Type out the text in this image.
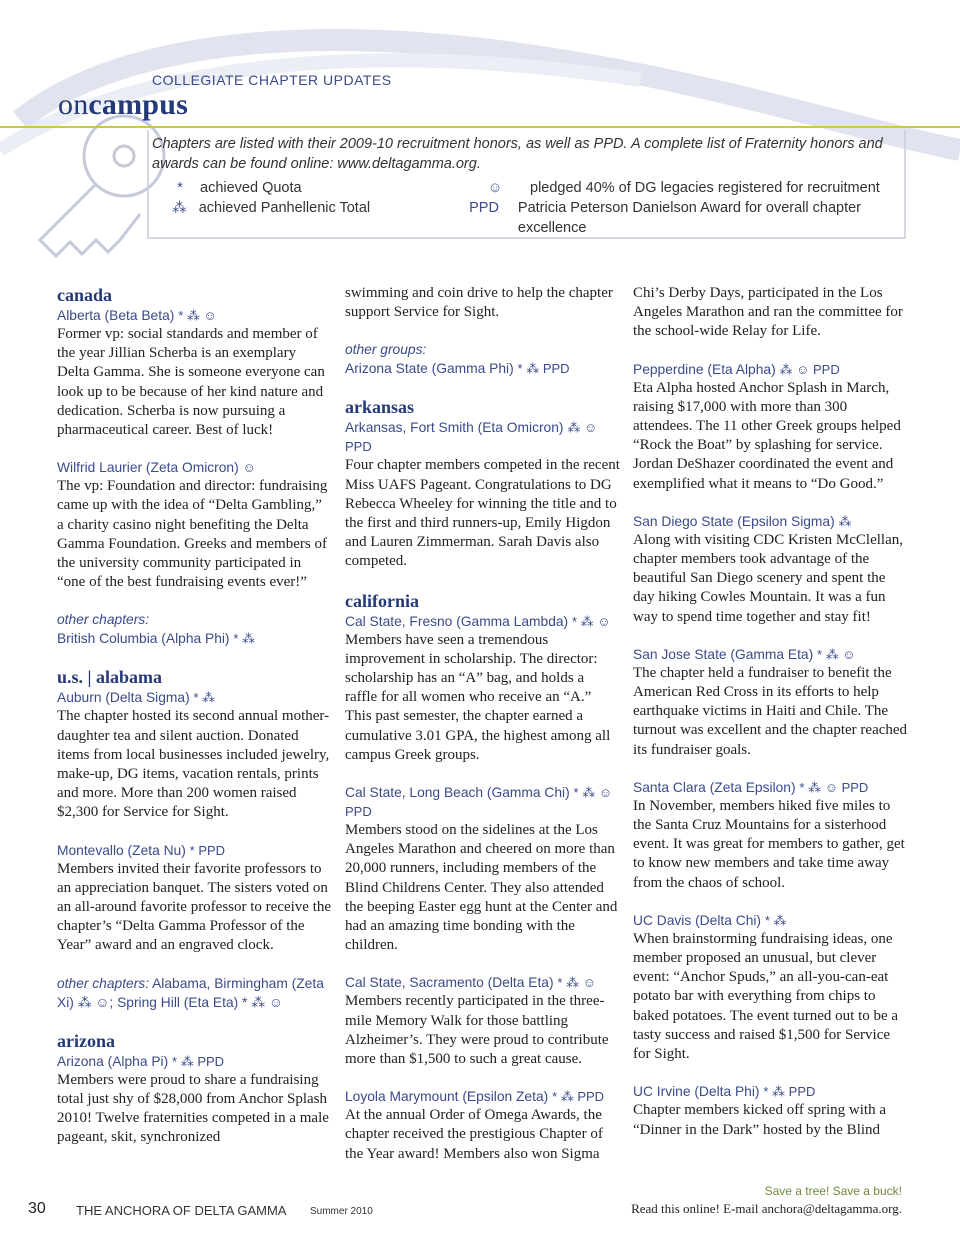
COLLEGIATE CHAPTER UPDATES
oncampus
Chapters are listed with their 2009-10 recruitment honors, as well as PPD. A complete list of Fraternity honors and awards can be found online: www.deltagamma.org.
*	achieved Quota	☺	pledged 40% of DG legacies registered for recruitment
⁂ achieved Panhellenic Total	PPD	Patricia Peterson Danielson Award for overall chapter excellence
canada
Alberta (Beta Beta) * ⁂ ☺
Former vp: social standards and member of the year Jillian Scherba is an exemplary Delta Gamma. She is someone everyone can look up to be because of her kind nature and dedication. Scherba is now pursuing a pharmaceutical career. Best of luck!
Wilfrid Laurier (Zeta Omicron) ☺
The vp: Foundation and director: fundraising came up with the idea of “Delta Gambling,” a charity casino night benefiting the Delta Gamma Foundation. Greeks and members of the university community participated in “one of the best fundraising events ever!”
other chapters:
British Columbia (Alpha Phi) * ⁂
u.s. | alabama
Auburn (Delta Sigma) * ⁂
The chapter hosted its second annual mother-daughter tea and silent auction. Donated items from local businesses included jewelry, make-up, DG items, vacation rentals, prints and more. More than 200 women raised $2,300 for Service for Sight.
Montevallo (Zeta Nu) * PPD
Members invited their favorite professors to an appreciation banquet. The sisters voted on an all-around favorite professor to receive the chapter’s “Delta Gamma Professor of the Year” award and an engraved clock.
other chapters: Alabama, Birmingham (Zeta Xi) ⁂ ☺; Spring Hill (Eta Eta) * ⁂ ☺
arizona
Arizona (Alpha Pi) * ⁂ PPD
Members were proud to share a fundraising total just shy of $28,000 from Anchor Splash 2010! Twelve fraternities competed in a male pageant, skit, synchronized
swimming and coin drive to help the chapter support Service for Sight.
other groups:
Arizona State (Gamma Phi) * ⁂ PPD
arkansas
Arkansas, Fort Smith (Eta Omicron) ⁂ ☺ PPD
Four chapter members competed in the recent Miss UAFS Pageant. Congratulations to DG Rebecca Wheeley for winning the title and to the first and third runners-up, Emily Higdon and Lauren Zimmerman. Sarah Davis also competed.
california
Cal State, Fresno (Gamma Lambda) * ⁂ ☺
Members have seen a tremendous improvement in scholarship. The director: scholarship has an “A” bag, and holds a raffle for all women who receive an “A.” This past semester, the chapter earned a cumulative 3.01 GPA, the highest among all campus Greek groups.
Cal State, Long Beach (Gamma Chi) * ⁂ ☺ PPD
Members stood on the sidelines at the Los Angeles Marathon and cheered on more than 20,000 runners, including members of the Blind Childrens Center. They also attended the beeping Easter egg hunt at the Center and had an amazing time bonding with the children.
Cal State, Sacramento (Delta Eta) * ⁂ ☺
Members recently participated in the three-mile Memory Walk for those battling Alzheimer’s. They were proud to contribute more than $1,500 to such a great cause.
Loyola Marymount (Epsilon Zeta) * ⁂ PPD
At the annual Order of Omega Awards, the chapter received the prestigious Chapter of the Year award! Members also won Sigma
Chi’s Derby Days, participated in the Los Angeles Marathon and ran the committee for the school-wide Relay for Life.
Pepperdine (Eta Alpha) ⁂ ☺ PPD
Eta Alpha hosted Anchor Splash in March, raising $17,000 with more than 300 attendees. The 11 other Greek groups helped “Rock the Boat” by splashing for service. Jordan DeShazer coordinated the event and exemplified what it means to “Do Good.”
San Diego State (Epsilon Sigma) ⁂
Along with visiting CDC Kristen McClellan, chapter members took advantage of the beautiful San Diego scenery and spent the day hiking Cowles Mountain. It was a fun way to spend time together and stay fit!
San Jose State (Gamma Eta) * ⁂ ☺
The chapter held a fundraiser to benefit the American Red Cross in its efforts to help earthquake victims in Haiti and Chile. The turnout was excellent and the chapter reached its fundraiser goals.
Santa Clara (Zeta Epsilon) * ⁂ ☺ PPD
In November, members hiked five miles to the Santa Cruz Mountains for a sisterhood event. It was great for members to gather, get to know new members and take time away from the chaos of school.
UC Davis (Delta Chi) * ⁂
When brainstorming fundraising ideas, one member proposed an unusual, but clever event: “Anchor Spuds,” an all-you-can-eat potato bar with everything from chips to baked potatoes. The event turned out to be a tasty success and raised $1,500 for Service for Sight.
UC Irvine (Delta Phi) * ⁂ PPD
Chapter members kicked off spring with a “Dinner in the Dark” hosted by the Blind
30 THE ANCHORA OF DELTA GAMMA Summer 2010
Save a tree! Save a buck!
Read this online! E-mail anchora@deltagamma.org.
